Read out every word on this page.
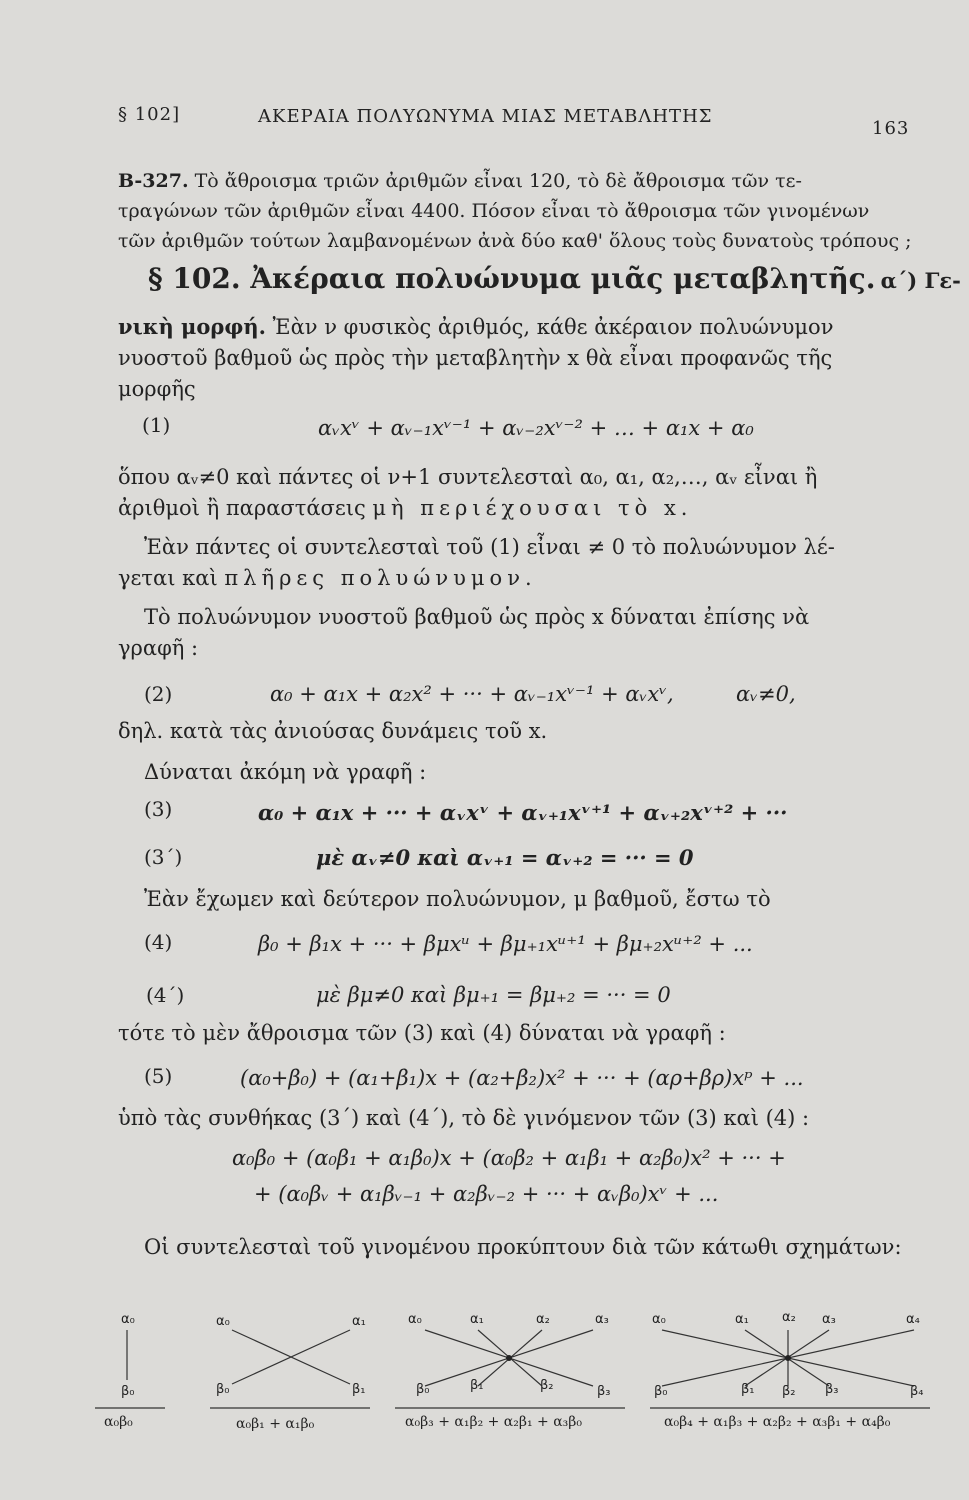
§ 102]	ΑΚΕΡΑΙΑ ΠΟΛΥΩΝΥΜΑ ΜΙΑΣ ΜΕΤΑΒΛΗΤΗΣ
163
B-327. Τὸ ἄθροισμα τριῶν ἀριθμῶν εἶναι 120, τὸ δὲ ἄθροισμα τῶν τε-
τραγώνων τῶν ἀριθμῶν εἶναι 4400. Πόσον εἶναι τὸ ἄθροισμα τῶν γινομένων
τῶν ἀριθμῶν τούτων λαμβανομένων ἀνὰ δύο καθ' ὅλους τοὺς δυνατοὺς τρόπους ;
§ 102. Ἀκέραια πολυώνυμα μιᾶς μεταβλητῆς. α΄) Γε-
νικὴ μορφή. Ἐὰν ν φυσικὸς ἀριθμός, κάθε ἀκέραιον πολυώνυμον
νυοστοῦ βαθμοῦ ὡς πρὸς τὴν μεταβλητὴν x θὰ εἶναι προφανῶς τῆς
μορφῆς
(1)	αᵥxᵛ + αᵥ₋₁xᵛ⁻¹ + αᵥ₋₂xᵛ⁻² + … + α₁x + α₀
ὅπου αᵥ≠0 καὶ πάντες οἱ ν+1 συντελεσταὶ α₀, α₁, α₂,…, αᵥ εἶναι ἢ
ἀριθμοὶ ἢ παραστάσεις μὴ περιέχουσαι τὸ x.
Ἐὰν πάντες οἱ συντελεσταὶ τοῦ (1) εἶναι ≠ 0 τὸ πολυώνυμον λέ-
γεται καὶ πλῆρες πολυώνυμον.
Τὸ πολυώνυμον νυοστοῦ βαθμοῦ ὡς πρὸς x δύναται ἐπίσης νὰ
γραφῆ :
(2)	α₀ + α₁x + α₂x² + ··· + αᵥ₋₁xᵛ⁻¹ + αᵥxᵛ,	αᵥ≠0,
δηλ. κατὰ τὰς ἀνιούσας δυνάμεις τοῦ x.
Δύναται ἀκόμη νὰ γραφῆ :
(3)	α₀ + α₁x + ··· + αᵥxᵛ + αᵥ₊₁xᵛ⁺¹ + αᵥ₊₂xᵛ⁺² + ···
(3΄)	μὲ αᵥ≠0 καὶ αᵥ₊₁ = αᵥ₊₂ = ··· = 0
Ἐὰν ἔχωμεν καὶ δεύτερον πολυώνυμον, μ βαθμοῦ, ἔστω τὸ
(4)	β₀ + β₁x + ··· + βμxᵘ + βμ₊₁xᵘ⁺¹ + βμ₊₂xᵘ⁺² + ...
(4΄)	μὲ βμ≠0 καὶ βμ₊₁ = βμ₊₂ = ··· = 0
τότε τὸ μὲν ἄθροισμα τῶν (3) καὶ (4) δύναται νὰ γραφῆ :
(5)	(α₀+β₀) + (α₁+β₁)x + (α₂+β₂)x² + ··· + (αρ+βρ)xᵖ + ...
ὑπὸ τὰς συνθήκας (3΄) καὶ (4΄), τὸ δὲ γινόμενον τῶν (3) καὶ (4) :
α₀β₀ + (α₀β₁ + α₁β₀)x + (α₀β₂ + α₁β₁ + α₂β₀)x² + ··· +
+ (α₀βᵥ + α₁βᵥ₋₁ + α₂βᵥ₋₂ + ··· + αᵥβ₀)xᵛ + ...
Οἱ συντελεσταὶ τοῦ γινομένου προκύπτουν διὰ τῶν κάτωθι σχημάτων:
α₀
β₀
α₀	α₁
β₀	β₁
α₀	α₁	α₂	α₃
β₀	β₁	β₂	β₃
α₀	α₁	α₂ α₃	α₄
β₀	β₁ β₂ β₃	β₄
α₀β₀	α₀β₁ + α₁β₀	α₀β₃ + α₁β₂ + α₂β₁ + α₃β₀	α₀β₄ + α₁β₃ + α₂β₂ + α₃β₁ + α₄β₀
